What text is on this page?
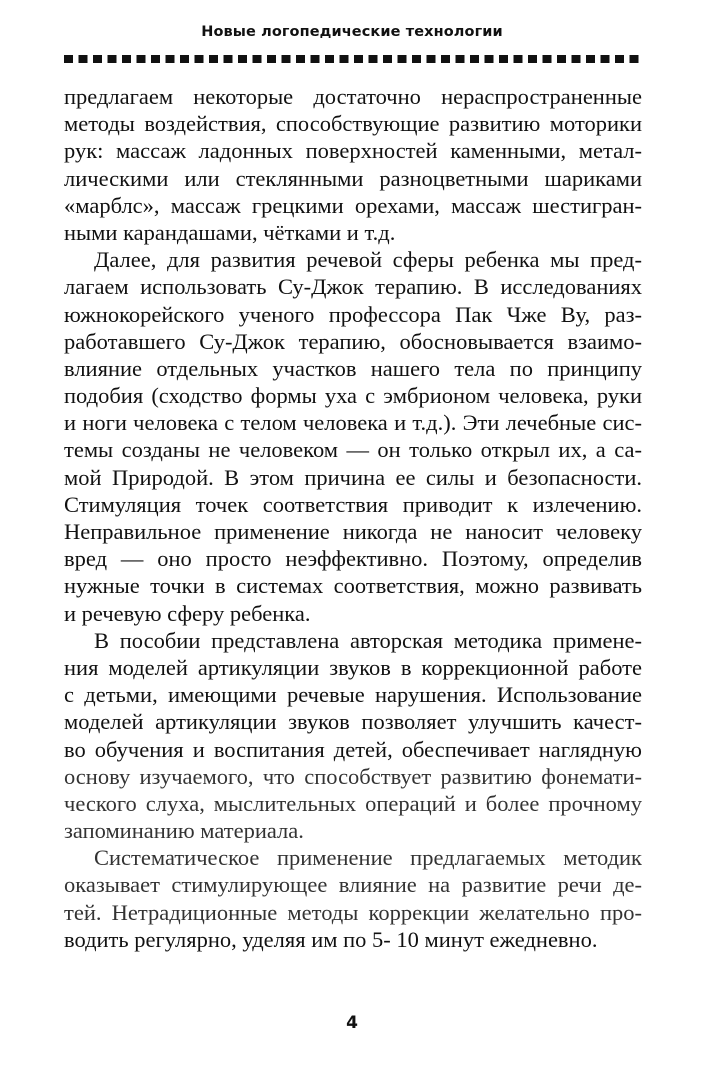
Новые логопедические технологии
предлагаем некоторые достаточно нераспространенные
методы воздействия, способствующие развитию моторики
рук: массаж ладонных поверхностей каменными, метал-
лическими или стеклянными разноцветными шариками
«марблс», массаж грецкими орехами, массаж шестигран-
ными карандашами, чётками и т.д.
Далее, для развития речевой сферы ребенка мы пред-
лагаем использовать Су-Джок терапию. В исследованиях
южнокорейского ученого профессора Пак Чже Ву, раз-
работавшего Су-Джок терапию, обосновывается взаимо-
влияние отдельных участков нашего тела по принципу
подобия (сходство формы уха с эмбрионом человека, руки
и ноги человека с телом человека и т.д.). Эти лечебные сис-
темы созданы не человеком — он только открыл их, а са-
мой Природой. В этом причина ее силы и безопасности.
Стимуляция точек соответствия приводит к излечению.
Неправильное применение никогда не наносит человеку
вред — оно просто неэффективно. Поэтому, определив
нужные точки в системах соответствия, можно развивать
и речевую сферу ребенка.
В пособии представлена авторская методика примене-
ния моделей артикуляции звуков в коррекционной работе
с детьми, имеющими речевые нарушения. Использование
моделей артикуляции звуков позволяет улучшить качест-
во обучения и воспитания детей, обеспечивает наглядную
основу изучаемого, что способствует развитию фонемати-
ческого слуха, мыслительных операций и более прочному
запоминанию материала.
Систематическое применение предлагаемых методик
оказывает стимулирующее влияние на развитие речи де-
тей. Нетрадиционные методы коррекции желательно про-
водить регулярно, уделяя им по 5- 10 минут ежедневно.
4
